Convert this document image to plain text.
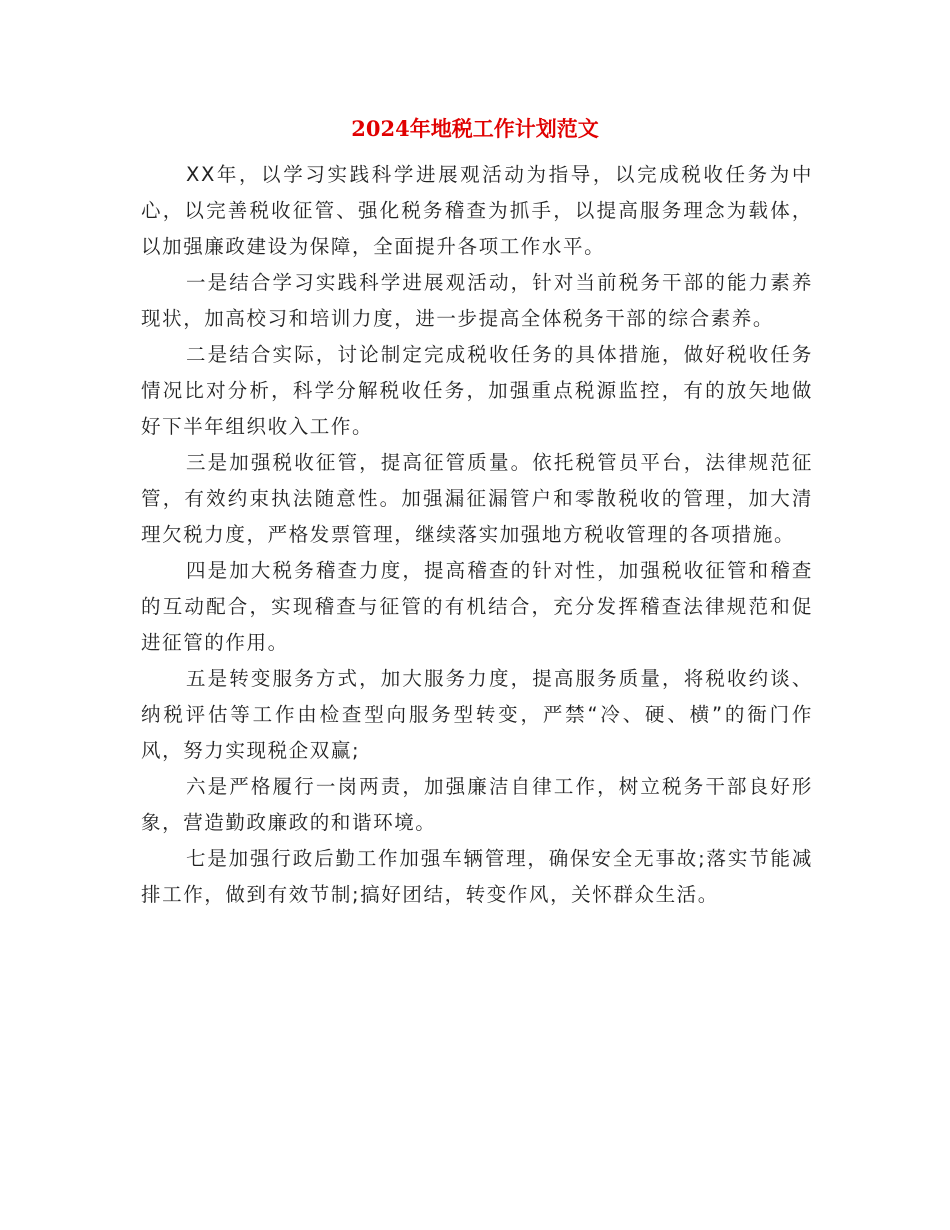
2024年地税工作计划范文

XX年，以学习实践科学进展观活动为指导，以完成税收任务为中心，以完善税收征管、强化税务稽查为抓手，以提高服务理念为载体，以加强廉政建设为保障，全面提升各项工作水平。

一是结合学习实践科学进展观活动，针对当前税务干部的能力素养现状，加高校习和培训力度，进一步提高全体税务干部的综合素养。

二是结合实际，讨论制定完成税收任务的具体措施，做好税收任务情况比对分析，科学分解税收任务，加强重点税源监控，有的放矢地做好下半年组织收入工作。

三是加强税收征管，提高征管质量。依托税管员平台，法律规范征管，有效约束执法随意性。加强漏征漏管户和零散税收的管理，加大清理欠税力度，严格发票管理，继续落实加强地方税收管理的各项措施。

四是加大税务稽查力度，提高稽查的针对性，加强税收征管和稽查的互动配合，实现稽查与征管的有机结合，充分发挥稽查法律规范和促进征管的作用。

五是转变服务方式，加大服务力度，提高服务质量，将税收约谈、纳税评估等工作由检查型向服务型转变，严禁“冷、硬、横”的衙门作风，努力实现税企双赢;

六是严格履行一岗两责，加强廉洁自律工作，树立税务干部良好形象，营造勤政廉政的和谐环境。

七是加强行政后勤工作加强车辆管理，确保安全无事故;落实节能减排工作，做到有效节制;搞好团结，转变作风，关怀群众生活。
